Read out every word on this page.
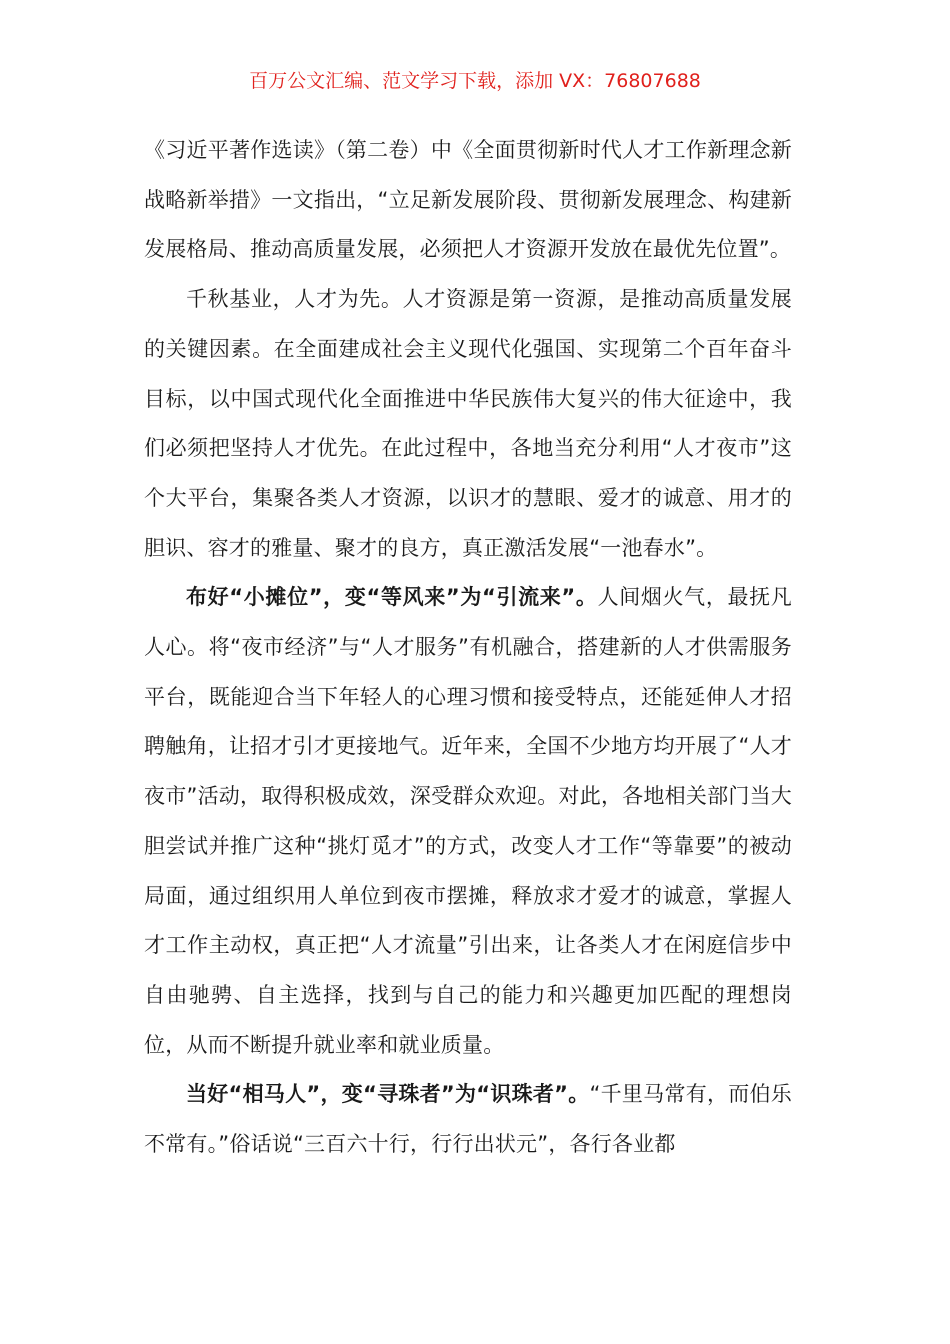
百万公文汇编、范文学习下载，添加 VX：76807688

《习近平著作选读》（第二卷）中《全面贯彻新时代人才工作新理念新战略新举措》一文指出，“立足新发展阶段、贯彻新发展理念、构建新发展格局、推动高质量发展，必须把人才资源开发放在最优先位置”。

千秋基业，人才为先。人才资源是第一资源，是推动高质量发展的关键因素。在全面建成社会主义现代化强国、实现第二个百年奋斗目标，以中国式现代化全面推进中华民族伟大复兴的伟大征途中，我们必须把坚持人才优先。在此过程中，各地当充分利用“人才夜市”这个大平台，集聚各类人才资源，以识才的慧眼、爱才的诚意、用才的胆识、容才的雅量、聚才的良方，真正激活发展“一池春水”。

布好“小摊位”，变“等风来”为“引流来”。人间烟火气，最抚凡人心。将“夜市经济”与“人才服务”有机融合，搭建新的人才供需服务平台，既能迎合当下年轻人的心理习惯和接受特点，还能延伸人才招聘触角，让招才引才更接地气。近年来，全国不少地方均开展了“人才夜市”活动，取得积极成效，深受群众欢迎。对此，各地相关部门当大胆尝试并推广这种“挑灯觅才”的方式，改变人才工作“等靠要”的被动局面，通过组织用人单位到夜市摆摊，释放求才爱才的诚意，掌握人才工作主动权，真正把“人才流量”引出来，让各类人才在闲庭信步中自由驰骋、自主选择，找到与自己的能力和兴趣更加匹配的理想岗位，从而不断提升就业率和就业质量。

当好“相马人”，变“寻珠者”为“识珠者”。“千里马常有，而伯乐不常有。”俗话说“三百六十行，行行出状元”，各行各业都
